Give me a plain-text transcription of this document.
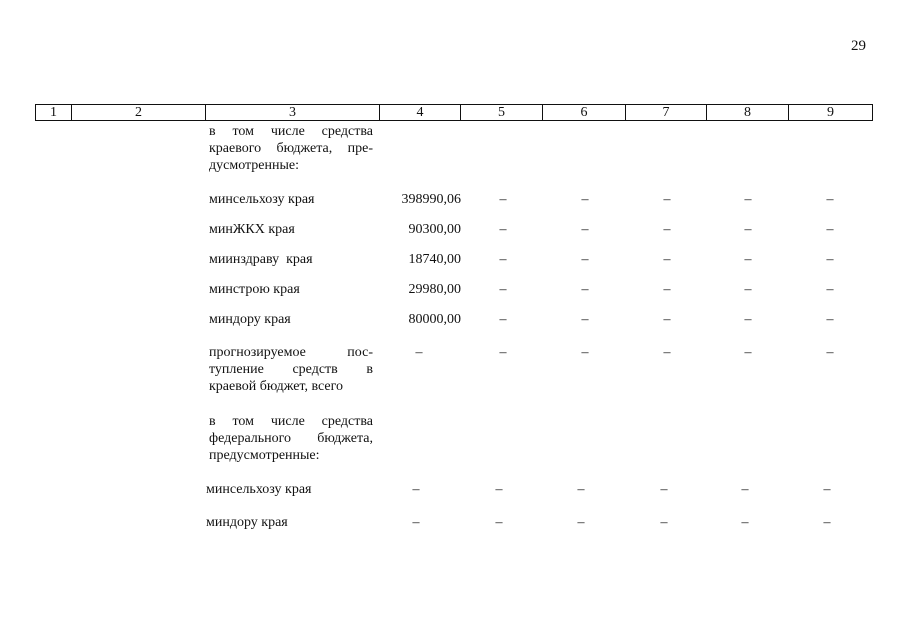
29
1	2	3	4	5	6	7	8	9
в том числе средства
краевого бюджета, пре-
дусмотренные:
минсельхозу края	398990,06	–	–	–	–	–
минЖКХ края	90300,00	–	–	–	–	–
миинздраву  края	18740,00	–	–	–	–	–
минстрою края	29980,00	–	–	–	–	–
миндору края	80000,00	–	–	–	–	–
прогнозируемое пос-
тупление средств в
краевой бюджет, всего
–	–	–	–	–	–
в том числе средства
федерального бюджета,
предусмотренные:
минсельхозу края	–	–	–	–	–	–
миндору края	–	–	–	–	–	–
